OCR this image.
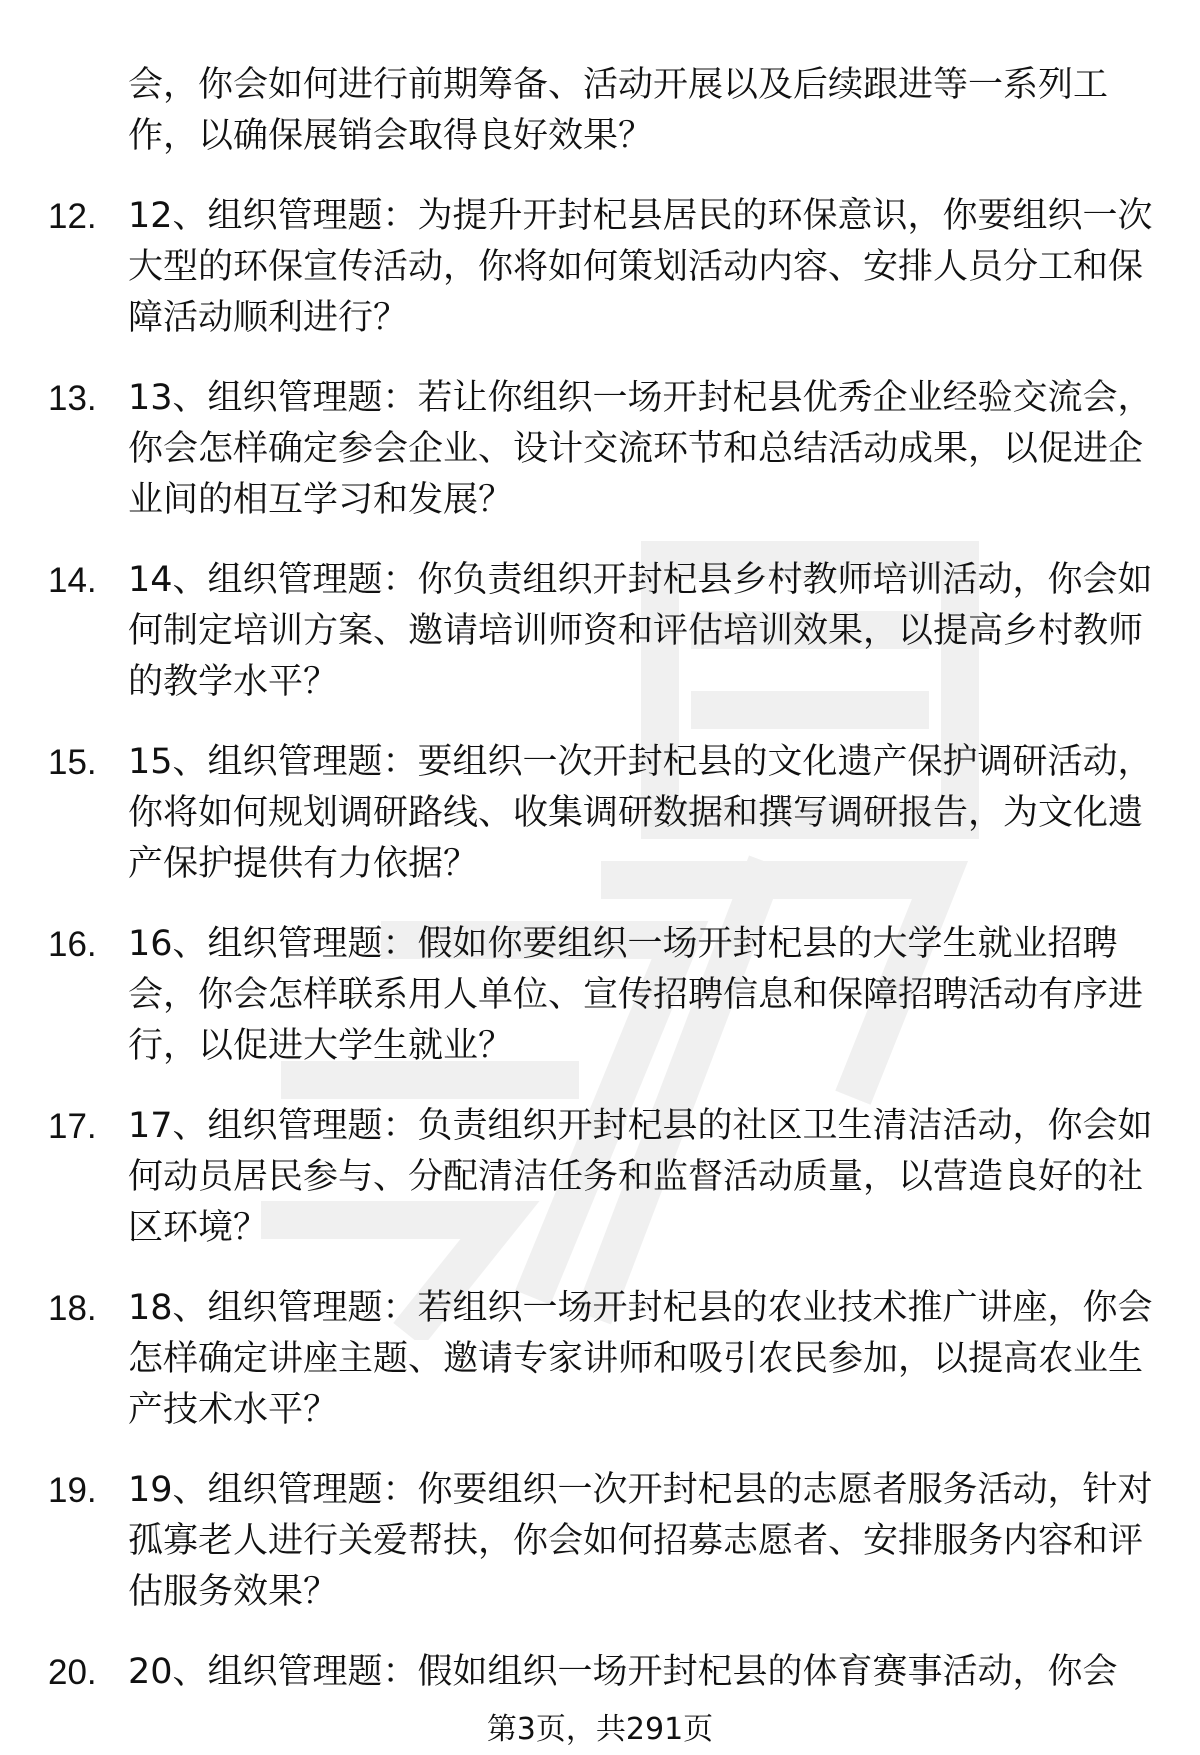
会，你会如何进行前期筹备、活动开展以及后续跟进等一系列工作，以确保展销会取得良好效果？

12. 12、组织管理题：为提升开封杞县居民的环保意识，你要组织一次大型的环保宣传活动，你将如何策划活动内容、安排人员分工和保障活动顺利进行？
13. 13、组织管理题：若让你组织一场开封杞县优秀企业经验交流会，你会怎样确定参会企业、设计交流环节和总结活动成果，以促进企业间的相互学习和发展？
14. 14、组织管理题：你负责组织开封杞县乡村教师培训活动，你会如何制定培训方案、邀请培训师资和评估培训效果，以提高乡村教师的教学水平？
15. 15、组织管理题：要组织一次开封杞县的文化遗产保护调研活动，你将如何规划调研路线、收集调研数据和撰写调研报告，为文化遗产保护提供有力依据？
16. 16、组织管理题：假如你要组织一场开封杞县的大学生就业招聘会，你会怎样联系用人单位、宣传招聘信息和保障招聘活动有序进行，以促进大学生就业？
17. 17、组织管理题：负责组织开封杞县的社区卫生清洁活动，你会如何动员居民参与、分配清洁任务和监督活动质量，以营造良好的社区环境？
18. 18、组织管理题：若组织一场开封杞县的农业技术推广讲座，你会怎样确定讲座主题、邀请专家讲师和吸引农民参加，以提高农业生产技术水平？
19. 19、组织管理题：你要组织一次开封杞县的志愿者服务活动，针对孤寡老人进行关爱帮扶，你会如何招募志愿者、安排服务内容和评估服务效果？
20. 20、组织管理题：假如组织一场开封杞县的体育赛事活动，你会
第3页，共291页
